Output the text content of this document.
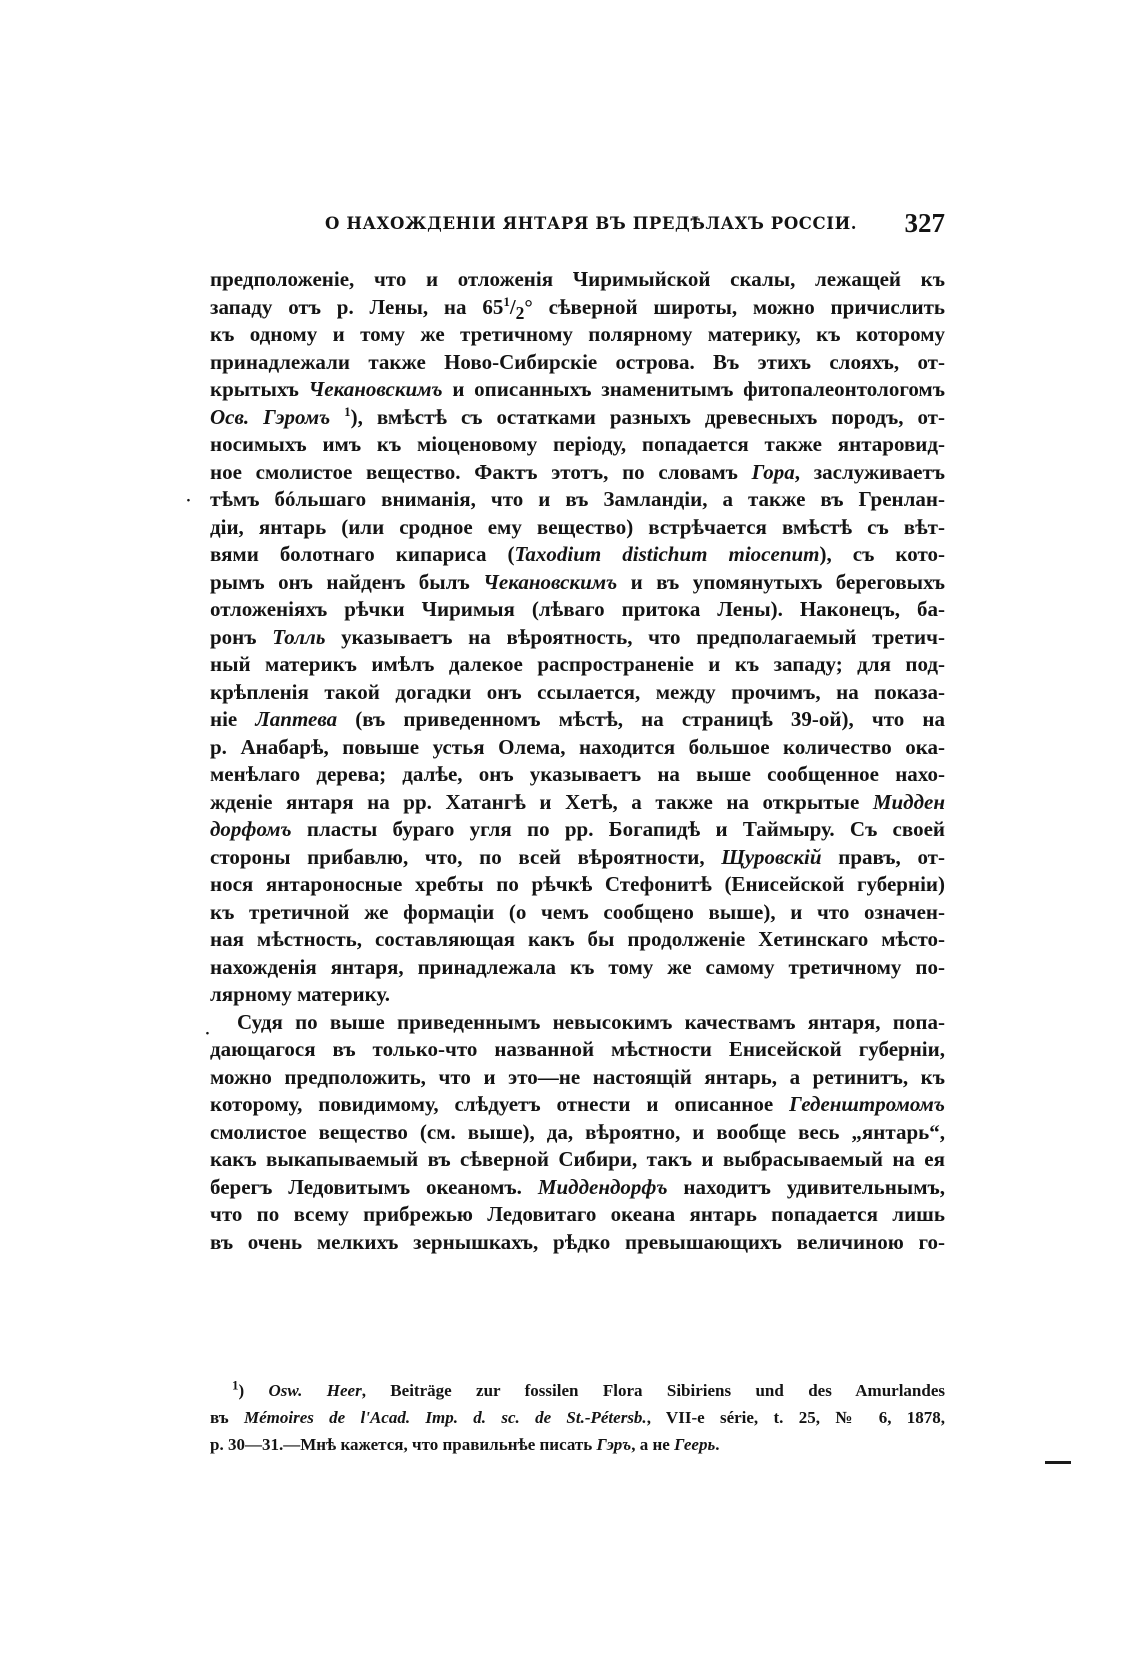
О НАХОЖДЕНІИ ЯНТАРЯ ВЪ ПРЕДѢЛАХЪ РОССІИ. 327
·
·
предположеніе, что и отложенія Чиримыйской скалы, лежащей къ
западу отъ р. Лены, на $65^1/_2^\circ$ сѣверной широты, можно причислить
къ одному и тому же третичному полярному материку, къ которому
принадлежали также Ново-Сибирскіе острова. Въ этихъ слояхъ, от-
крытыхъ Чекановскимъ и описанныхъ знаменитымъ фитопалеонтологомъ
Осв. Гэромъ $^1$), вмѣстѣ съ остатками разныхъ древесныхъ породъ, от-
носимыхъ имъ къ міоценовому періоду, попадается также янтаровид-
ное смолистое вещество. Фактъ этотъ, по словамъ Гора, заслуживаетъ
тѣмъ бóльшаго вниманія, что и въ Замландіи, а также въ Гренлан-
діи, янтарь (или сродное ему вещество) встрѣчается вмѣстѣ съ вѣт-
вями болотнаго кипариса (Taxodium distichum miocenum), съ кото-
рымъ онъ найденъ былъ Чекановскимъ и въ упомянутыхъ береговыхъ
отложеніяхъ рѣчки Чиримыя (лѣваго притока Лены). Наконецъ, ба-
ронъ Толль указываетъ на вѣроятность, что предполагаемый третич-
ный материкъ имѣлъ далекое распространеніе и къ западу; для под-
крѣпленія такой догадки онъ ссылается, между прочимъ, на показа-
ніе Лаптева (въ приведенномъ мѣстѣ, на страницѣ 39-ой), что на
р. Анабарѣ, повыше устья Олема, находится большое количество ока-
менѣлаго дерева; далѣе, онъ указываетъ на выше сообщенное нахо-
жденіе янтаря на рр. Хатангѣ и Хетѣ, а также на открытые Мидден
дорфомъ пласты бураго угля по рр. Богапидѣ и Таймыру. Съ своей
стороны прибавлю, что, по всей вѣроятности, Щуровскій правъ, от-
нося янтароносные хребты по рѣчкѣ Стефонитѣ (Енисейской губерніи)
къ третичной же формаціи (о чемъ сообщено выше), и что означен-
ная мѣстность, составляющая какъ бы продолженіе Хетинскаго мѣсто-
нахожденія янтаря, принадлежала къ тому же самому третичному по-
лярному материку.
Судя по выше приведеннымъ невысокимъ качествамъ янтаря, попа-
дающагося въ только-что названной мѣстности Енисейской губерніи,
можно предположить, что и это—не настоящій янтарь, а ретинитъ, къ
которому, повидимому, слѣдуетъ отнести и описанное Геденштромомъ
смолистое вещество (см. выше), да, вѣроятно, и вообще весь „янтарь“,
какъ выкапываемый въ сѣверной Сибири, такъ и выбрасываемый на ея
берегъ Ледовитымъ океаномъ. Миддендорфъ находитъ удивительнымъ,
что по всему прибрежью Ледовитаго океана янтарь попадается лишь
въ очень мелкихъ зернышкахъ, рѣдко превышающихъ величиною го-
$^1$) Osw. Heer, Beiträge zur fossilen Flora Sibiriens und des Amurlandes
въ Mémoires de l'Acad. Imp. d. sc. de St.-Pétersb., VII-e série, t. 25, № 6, 1878,
p. 30—31.—Мнѣ кажется, что правильнѣе писать Гэръ, а не Геерь.
